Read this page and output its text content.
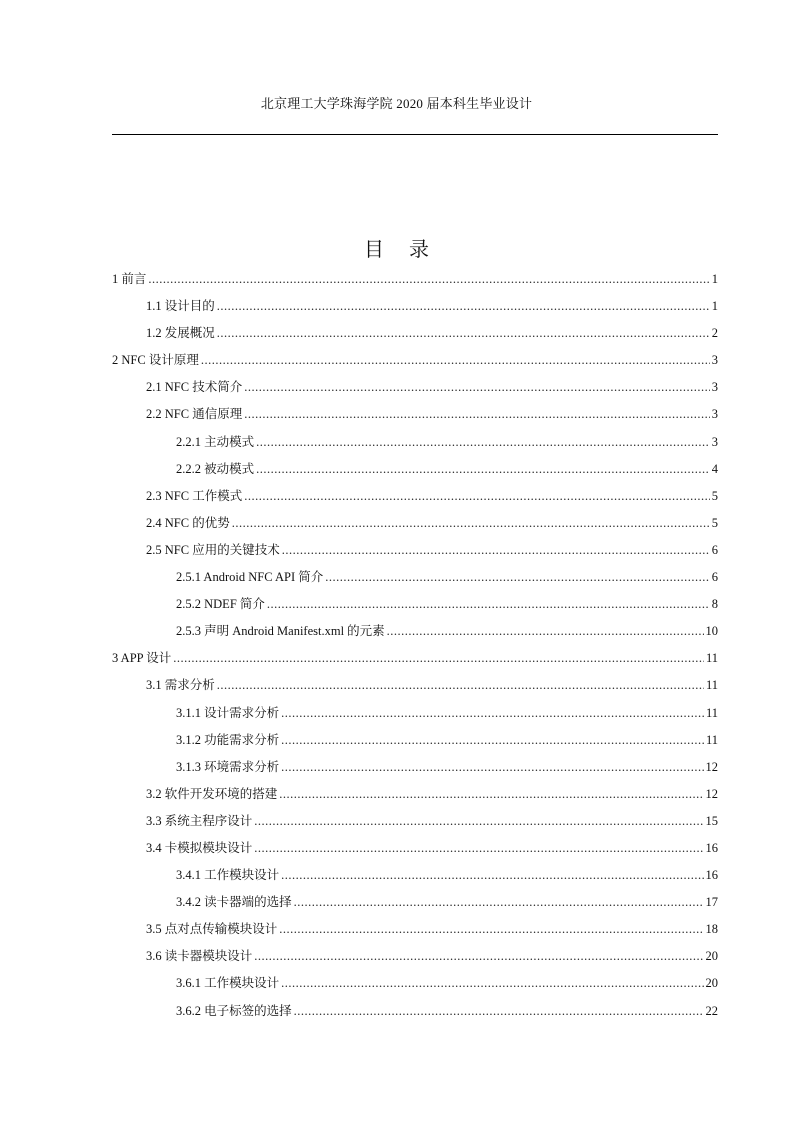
北京理工大学珠海学院 2020 届本科生毕业设计
目 录
1 前言 .....	1
1.1 设计目的 .....	1
1.2 发展概况 .....	2
2 NFC 设计原理 .....	3
2.1 NFC 技术简介 .....	3
2.2 NFC 通信原理 .....	3
2.2.1 主动模式 .....	3
2.2.2 被动模式 .....	4
2.3 NFC 工作模式 .....	5
2.4 NFC 的优势 .....	5
2.5 NFC 应用的关键技术 .....	6
2.5.1 Android NFC API 简介 .....	6
2.5.2 NDEF 简介 .....	8
2.5.3 声明 Android Manifest.xml 的元素 .....	10
3 APP 设计 .....	11
3.1 需求分析 .....	11
3.1.1 设计需求分析 .....	11
3.1.2 功能需求分析 .....	11
3.1.3 环境需求分析 .....	12
3.2 软件开发环境的搭建 .....	12
3.3 系统主程序设计 .....	15
3.4 卡模拟模块设计 .....	16
3.4.1 工作模块设计 .....	16
3.4.2 读卡器端的选择 .....	17
3.5 点对点传输模块设计 .....	18
3.6 读卡器模块设计 .....	20
3.6.1 工作模块设计 .....	20
3.6.2 电子标签的选择 .....	22
